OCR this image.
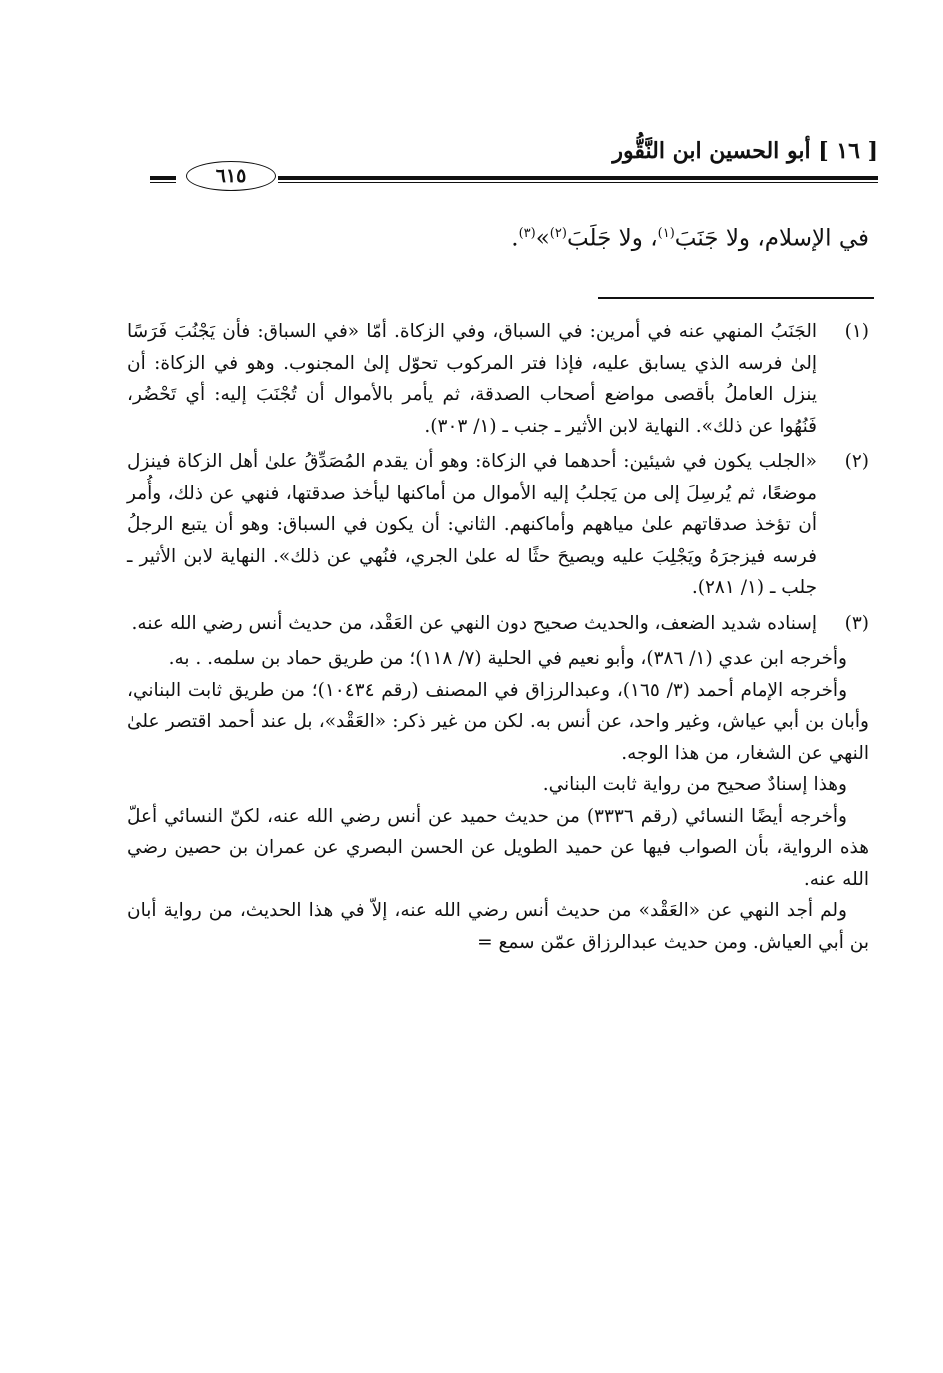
[ ١٦ ] أبو الحسين ابن النَّقُّور
٦١٥
في الإسلام، ولا جَنَبَ$^{(١)}$، ولا جَلَبَ$^{(٢)}$»$^{(٣)}$.
(١)

الجَنَبُ المنهي عنه في أمرين: في السباق، وفي الزكاة. أمّا «في السباق: فأن يَجْنُبَ فَرَسًا إلىٰ فرسه الذي يسابق عليه، فإذا فتر المركوب تحوّل إلىٰ المجنوب. وهو في الزكاة: أن ينزل العاملُ بأقصى مواضع أصحاب الصدقة، ثم يأمر بالأموال أن تُجْنَبَ إليه: أي تَحْضُر، فَنُهُوا عن ذلك». النهاية لابن الأثير ـ جنب ـ (١/ ٣٠٣).

(٢)

«الجلب يكون في شيئين: أحدهما في الزكاة: وهو أن يقدم المُصَدِّقُ علىٰ أهل الزكاة فينزل موضعًا، ثم يُرسِلَ إلى من يَجلبُ إليه الأموال من أماكنها ليأخذ صدقتها، فنهي عن ذلك، وأُمر أن تؤخذ صدقاتهم علىٰ مياههم وأماكنهم. الثاني: أن يكون في السباق: وهو أن يتبع الرجلُ فرسه فيزجرَهُ ويَجْلِبَ عليه ويصيحَ حثًا له علىٰ الجري، فنُهي عن ذلك». النهاية لابن الأثير ـ جلب ـ (١/ ٢٨١).

(٣)

إسناده شديد الضعف، والحديث صحيح دون النهي عن العَقْد، من حديث أنس رضي الله عنه.

وأخرجه ابن عدي (١/ ٣٨٦)، وأبو نعيم في الحلية (٧/ ١١٨)؛ من طريق حماد بن سلمه. . به.

وأخرجه الإمام أحمد (٣/ ١٦٥)، وعبدالرزاق في المصنف (رقم ١٠٤٣٤)؛ من طريق ثابت البناني، وأبان بن أبي عياش، وغير واحد، عن أنس به. لكن من غير ذكر: «العَقْد»، بل عند أحمد اقتصر علىٰ النهي عن الشغار، من هذا الوجه.

وهذا إسنادٌ صحيح من رواية ثابت البناني.

وأخرجه أيضًا النسائي (رقم ٣٣٣٦) من حديث حميد عن أنس رضي الله عنه، لكنّ النسائي أعلّ هذه الرواية، بأن الصواب فيها عن حميد الطويل عن الحسن البصري عن عمران بن حصين رضي الله عنه.

ولم أجد النهي عن «العَقْد» من حديث أنس رضي الله عنه، إلاّ في هذا الحديث، من رواية أبان بن أبي العياش. ومن حديث عبدالرزاق عمّن سمع =
